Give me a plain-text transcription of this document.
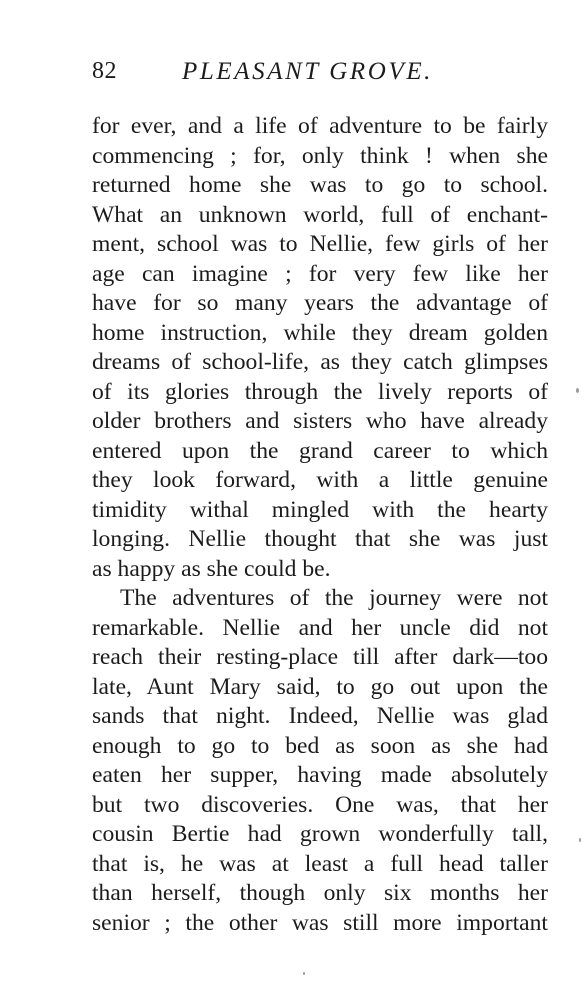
82	PLEASANT GROVE.
for ever, and a life of adventure to be fairly
commencing ; for, only think ! when she
returned home she was to go to school.
What an unknown world, full of enchant-
ment, school was to Nellie, few girls of her
age can imagine ; for very few like her
have for so many years the advantage of
home instruction, while they dream golden
dreams of school-life, as they catch glimpses
of its glories through the lively reports of
older brothers and sisters who have already
entered upon the grand career to which
they look forward, with a little genuine
timidity withal mingled with the hearty
longing. Nellie thought that she was just
as happy as she could be.
The adventures of the journey were not
remarkable. Nellie and her uncle did not
reach their resting-place till after dark—too
late, Aunt Mary said, to go out upon the
sands that night. Indeed, Nellie was glad
enough to go to bed as soon as she had
eaten her supper, having made absolutely
but two discoveries. One was, that her
cousin Bertie had grown wonderfully tall,
that is, he was at least a full head taller
than herself, though only six months her
senior ; the other was still more important
